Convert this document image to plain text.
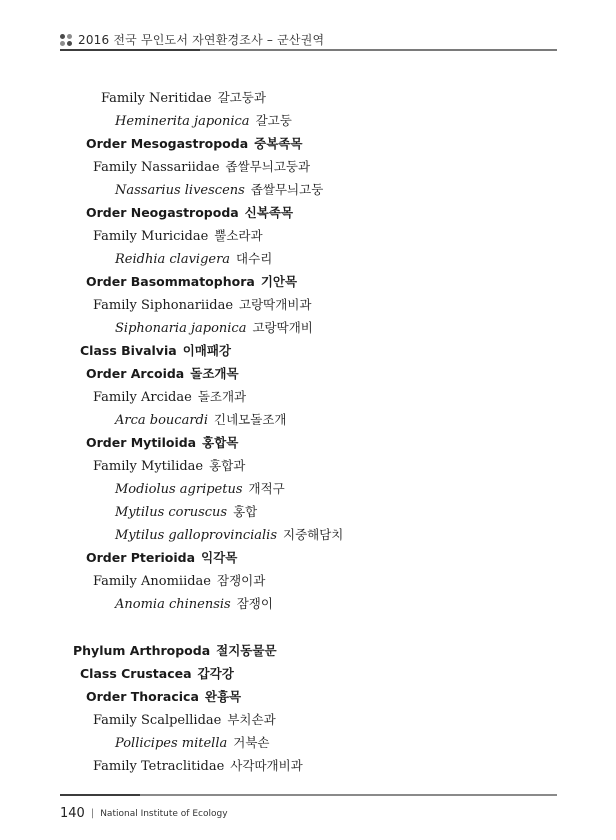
2016 전국 무인도서 자연환경조사 – 군산권역
Family Neritidae 갈고둥과
Heminerita japonica 갈고둥
Order Mesogastropoda 중복족목
Family Nassariidae 좁쌀무늬고둥과
Nassarius livescens 좁쌀무늬고둥
Order Neogastropoda 신복족목
Family Muricidae 뿔소라과
Reidhia clavigera 대수리
Order Basommatophora 기안목
Family Siphonariidae 고랑딱개비과
Siphonaria japonica 고랑딱개비
Class Bivalvia 이매패강
Order Arcoida 돌조개목
Family Arcidae 돌조개과
Arca boucardi 긴네모돌조개
Order Mytiloida 홍합목
Family Mytilidae 홍합과
Modiolus agripetus 개적구
Mytilus coruscus 홍합
Mytilus galloprovincialis 지중해담치
Order Pterioida 익각목
Family Anomiidae 잠쟁이과
Anomia chinensis 잠쟁이
Phylum Arthropoda 절지동물문
Class Crustacea 갑각강
Order Thoracica 완흉목
Family Scalpellidae 부치손과
Pollicipes mitella 거북손
Family Tetraclitidae 사각따개비과
140 | National Institute of Ecology
